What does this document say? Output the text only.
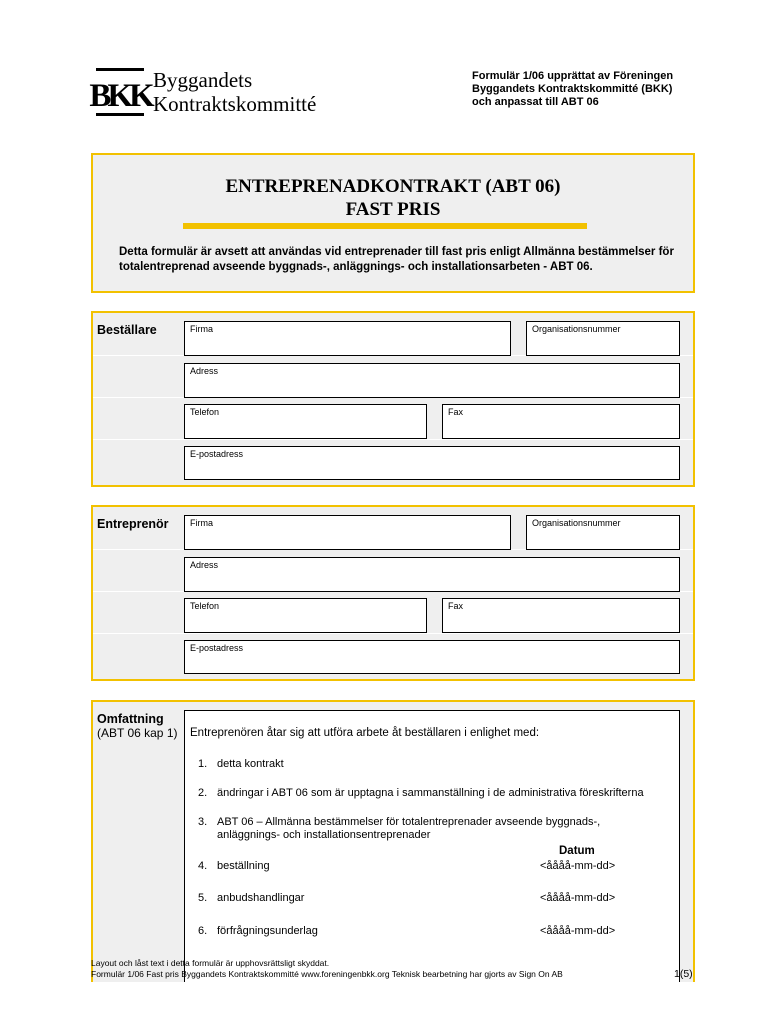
BKK Byggandets
Kontraktskommitté
Formulär 1/06 upprättat av Föreningen
Byggandets Kontraktskommitté (BKK)
och anpassat till ABT 06
ENTREPRENADKONTRAKT (ABT 06)
FAST PRIS
Detta formulär är avsett att användas vid entreprenader till fast pris enligt Allmänna bestämmelser för
totalentreprenad avseende byggnads-, anläggnings- och installationsarbeten - ABT 06.
Beställare	Firma	Organisationsnummer
Adress
Telefon	Fax
E-postadress
Entreprenör Firma	Organisationsnummer
Adress
Telefon	Fax
E-postadress
Omfattning
(ABT 06 kap 1) Entreprenören åtar sig att utföra arbete åt beställaren i enlighet med:
1. detta kontrakt
2. ändringar i ABT 06 som är upptagna i sammanställning i de administrativa föreskrifterna
3. ABT 06 – Allmänna bestämmelser för totalentreprenader avseende byggnads-,
anläggnings- och installationsentreprenader
Datum
4. beställning	<åååå-mm-dd>
5. anbudshandlingar	<åååå-mm-dd>
6. förfrågningsunderlag	<åååå-mm-dd>
Layout och låst text i detta formulär är upphovsrättsligt skyddat.
Formulär 1/06 Fast pris Byggandets Kontraktskommitté www.foreningenbkk.org Teknisk bearbetning har gjorts av Sign On AB	1(5)
